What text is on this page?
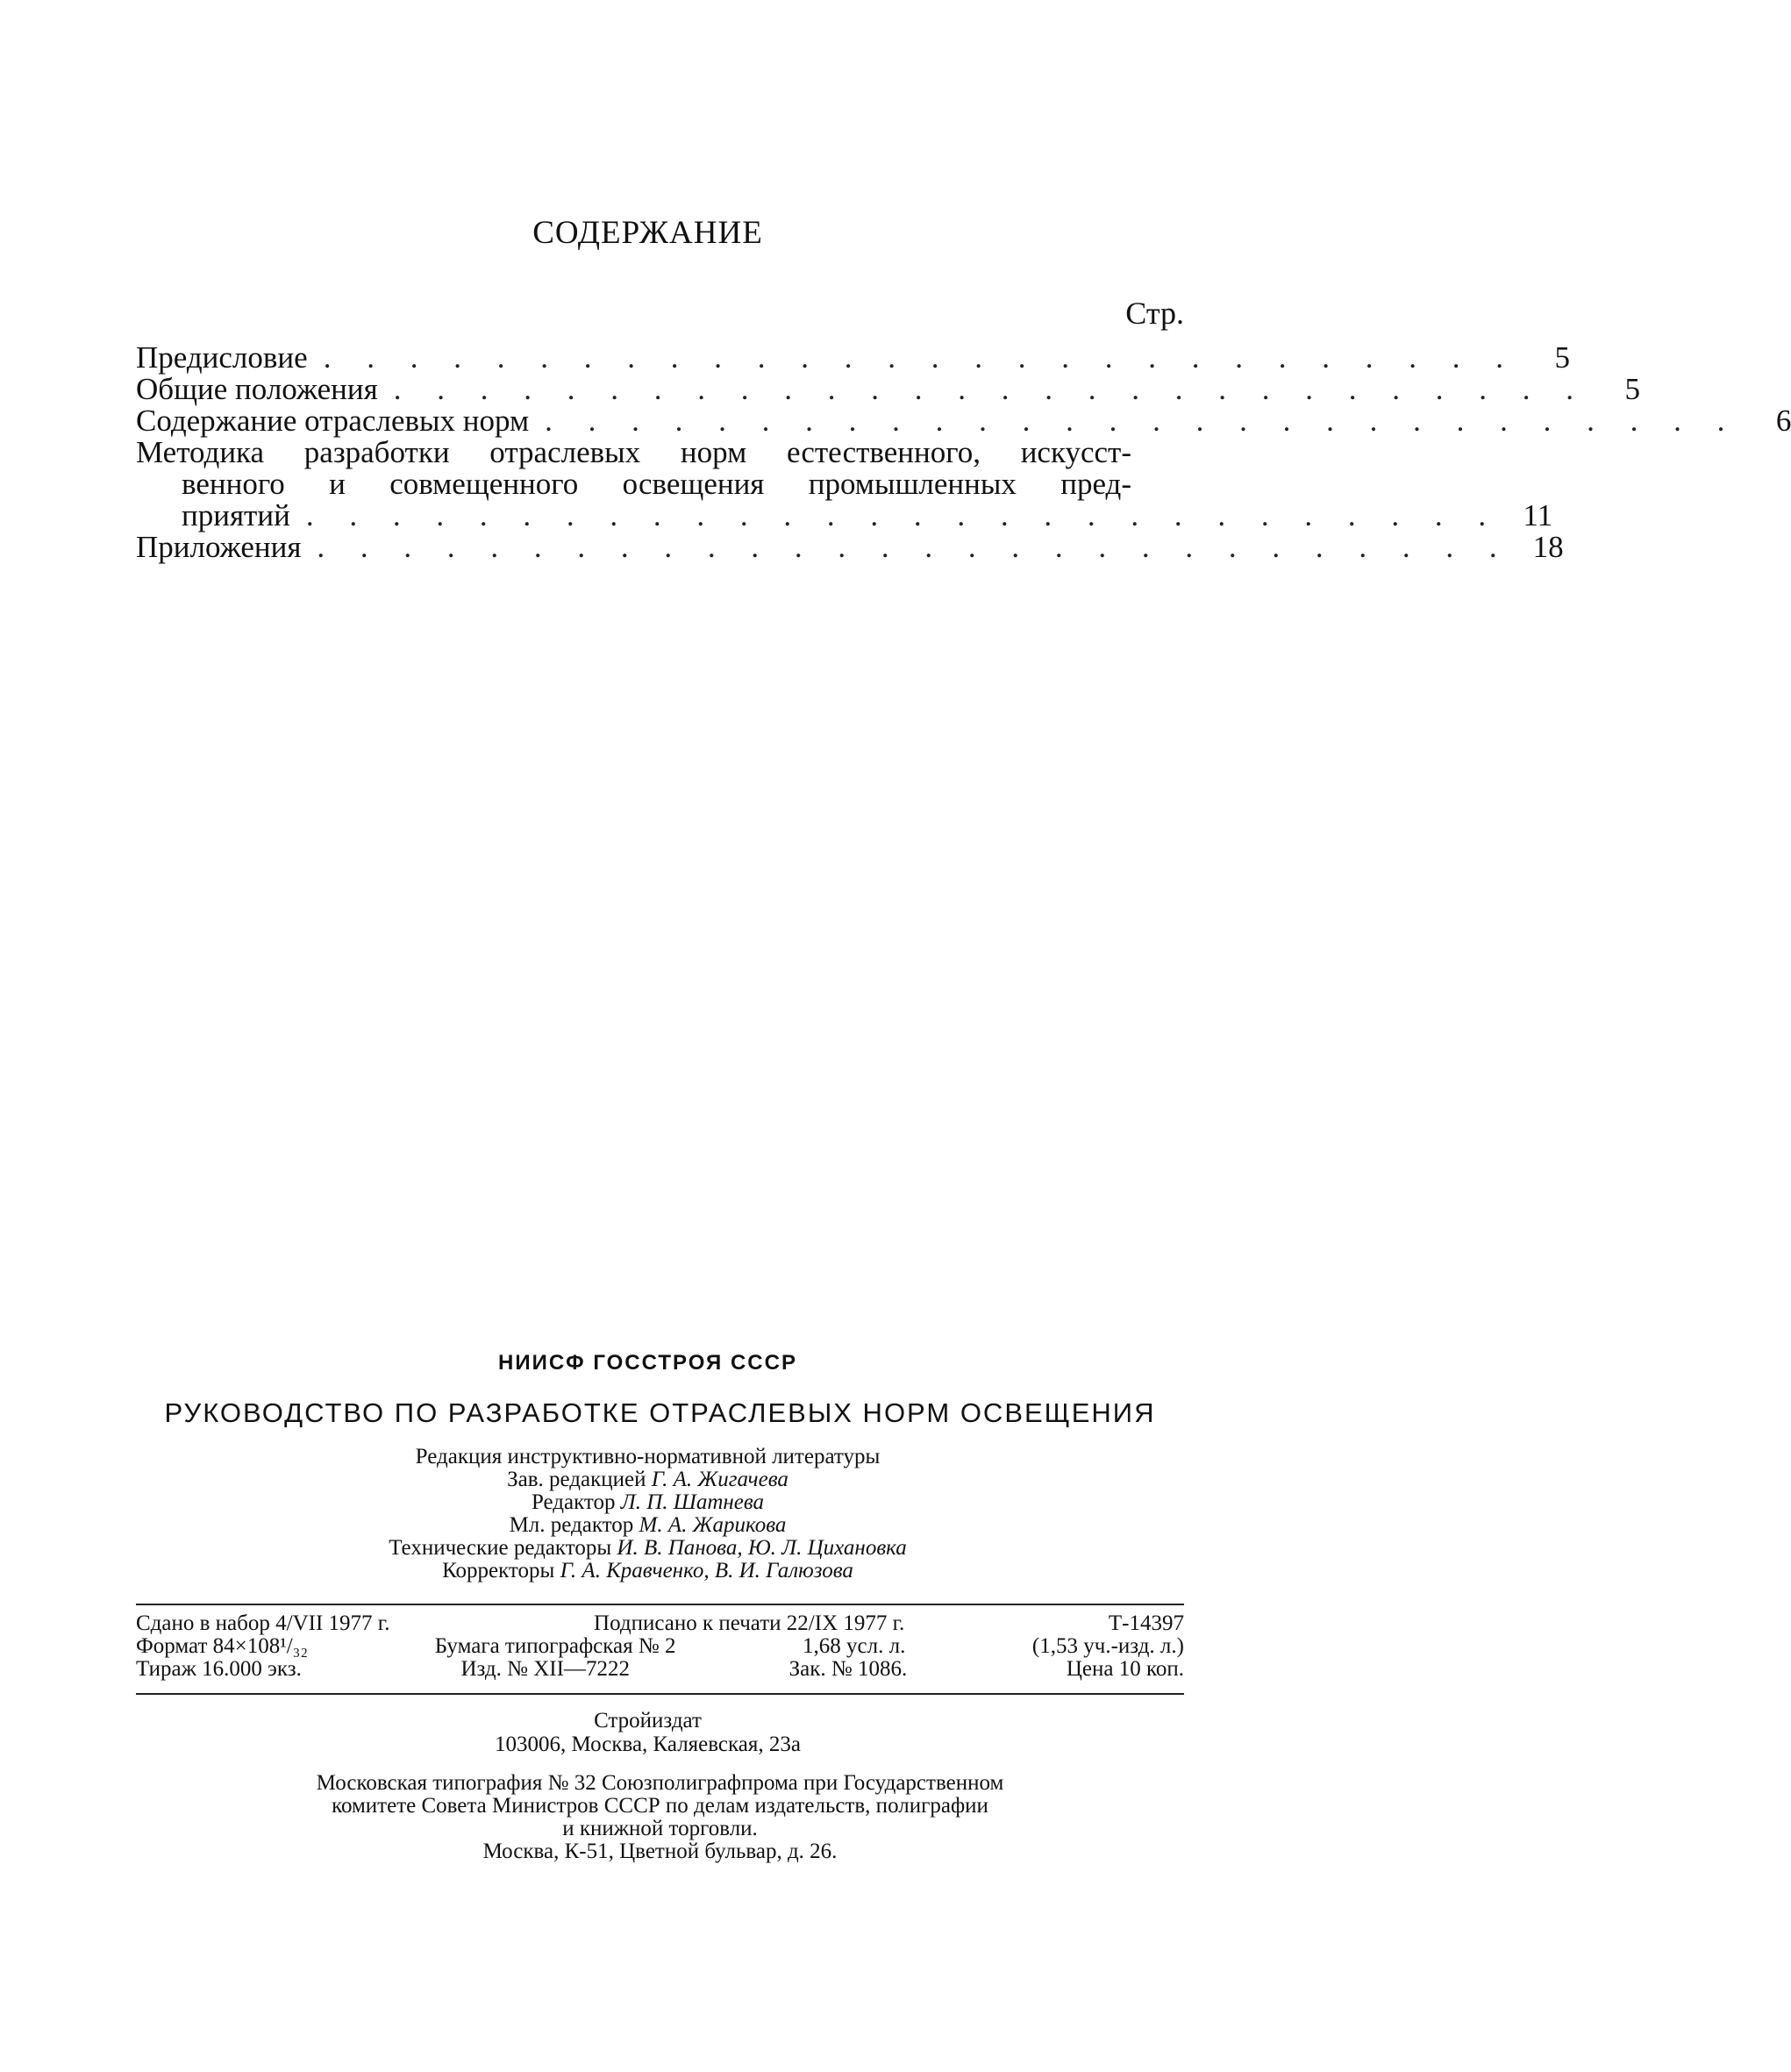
СОДЕРЖАНИЕ
Стр.
Предисловие . . . . . . . . . . . . . . . . . . . . . . . . . . . .	5
Общие положения . . . . . . . . . . . . . . . . . . . . . . . . . . . .	5
Содержание отраслевых норм . . . . . . . . . . . . . . . . . . . . . . . . . . . .	6
Методика разработки отраслевых норм естественного, искусст-
венного и совмещенного освещения промышленных пред-
приятий . . . . . . . . . . . . . . . . . . . . . . . . . . . . 11
Приложения . . . . . . . . . . . . . . . . . . . . . . . . . . . . 18
НИИСФ ГОССТРОЯ СССР
РУКОВОДСТВО ПО РАЗРАБОТКЕ ОТРАСЛЕВЫХ НОРМ ОСВЕЩЕНИЯ
Редакция инструктивно-нормативной литературы
Зав. редакцией Г. А. Жигачева
Редактор Л. П. Шатнева
Мл. редактор М. А. Жарикова
Технические редакторы И. В. Панова, Ю. Л. Цихановка
Корректоры Г. А. Кравченко, В. И. Галюзова
Сдано в набор 4/VII 1977 г.	Подписано к печати 22/IX 1977 г.	Т-14397
Формат 84×108¹/₃₂	Бумага типографская № 2	1,68 усл. л.	(1,53 уч.-изд. л.)
Тираж 16.000 экз.	Изд. № XII—7222	Зак. № 1086.	Цена 10 коп.
Стройиздат
103006, Москва, Каляевская, 23а
Московская типография № 32 Союзполиграфпрома при Государственном
комитете Совета Министров СССР по делам издательств, полиграфии
и книжной торговли.
Москва, К-51, Цветной бульвар, д. 26.
